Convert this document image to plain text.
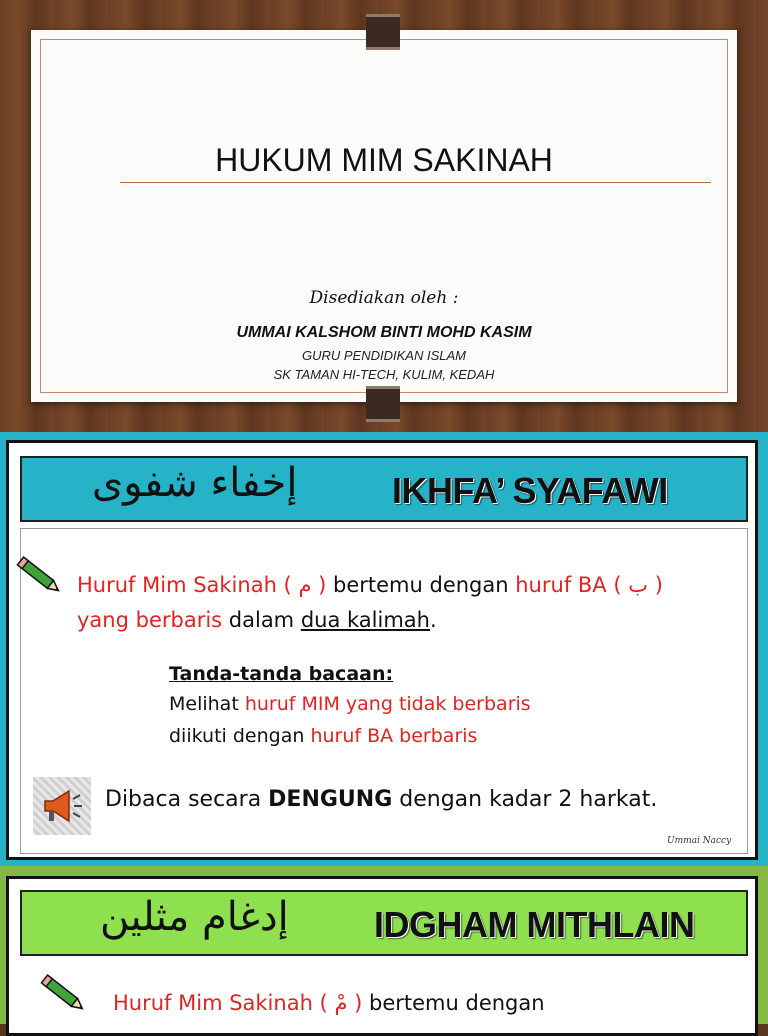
HUKUM MIM SAKINAH
Disediakan oleh :
UMMAI KALSHOM BINTI MOHD KASIM
GURU PENDIDIKAN ISLAM
SK TAMAN HI-TECH, KULIM, KEDAH
إخفاء شفوى	IKHFA’ SYAFAWI
Huruf Mim Sakinah ( م ) bertemu dengan huruf BA ( ب )
yang berbaris dalam dua kalimah.
Tanda-tanda bacaan:
Melihat huruf MIM yang tidak berbaris
diikuti dengan huruf BA berbaris
Dibaca secara DENGUNG dengan kadar 2 harkat.
Ummai Naccy
إدغام مثلين IDGHAM MITHLAIN
Huruf Mim Sakinah ( مْ ) bertemu dengan
